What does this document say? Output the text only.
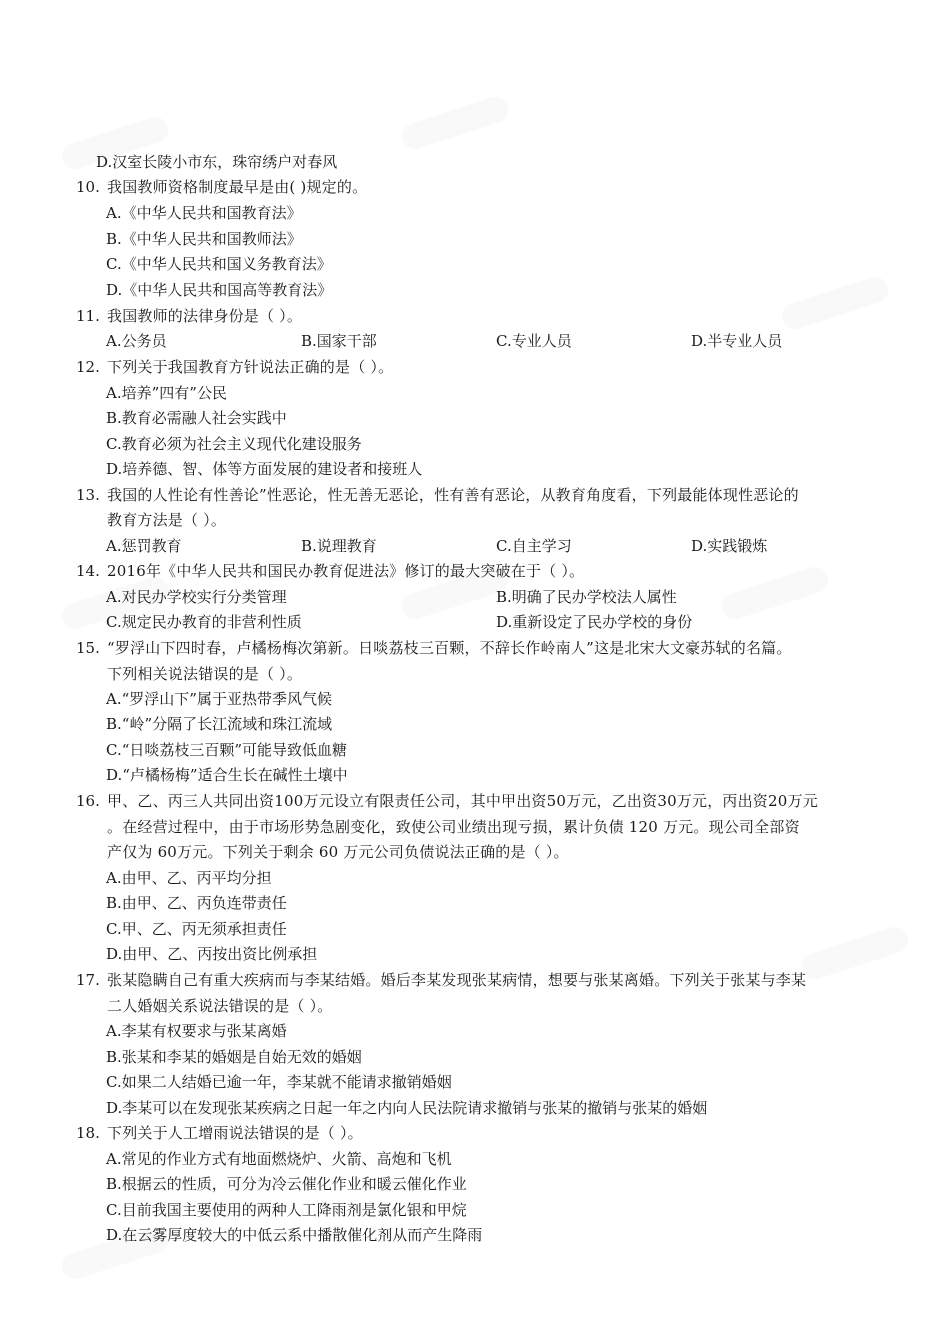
D.汉室长陵小市东，珠帘绣户对春风
10. 我国教师资格制度最早是由( )规定的。
A.《中华人民共和国教育法》
B.《中华人民共和国教师法》
C.《中华人民共和国义务教育法》
D.《中华人民共和国高等教育法》
11. 我国教师的法律身份是（ ）。
A.公务员	B.国家干部	C.专业人员	D.半专业人员
12. 下列关于我国教育方针说法正确的是（ ）。
A.培养”四有”公民
B.教育必需融人社会实践中
C.教育必须为社会主义现代化建设服务
D.培养德、智、体等方面发展的建设者和接班人
13. 我国的人性论有性善论”性恶论，性无善无恶论，性有善有恶论，从教育角度看，下列最能体现性恶论的
教育方法是（ ）。
A.惩罚教育	B.说理教育	C.自主学习	D.实践锻炼
14. 2016年《中华人民共和国民办教育促进法》修订的最大突破在于（ ）。
A.对民办学校实行分类管理	B.明确了民办学校法人属性
C.规定民办教育的非营利性质	D.重新设定了民办学校的身份
15. “罗浮山下四时春，卢橘杨梅次第新。日啖荔枝三百颗，不辞长作岭南人”这是北宋大文豪苏轼的名篇。
下列相关说法错误的是（ ）。
A.“罗浮山下”属于亚热带季风气候
B.“岭”分隔了长江流域和珠江流域
C.“日啖荔枝三百颗”可能导致低血糖
D.“卢橘杨梅”适合生长在碱性土壤中
16. 甲、乙、丙三人共同出资100万元设立有限责任公司，其中甲出资50万元，乙出资30万元，丙出资20万元
。在经营过程中，由于市场形势急剧变化，致使公司业绩出现亏损，累计负债 120 万元。现公司全部资
产仅为 60万元。下列关于剩余 60 万元公司负债说法正确的是（ ）。
A.由甲、乙、丙平均分担
B.由甲、乙、丙负连带责任
C.甲、乙、丙无须承担责任
D.由甲、乙、丙按出资比例承担
17. 张某隐瞒自己有重大疾病而与李某结婚。婚后李某发现张某病情，想要与张某离婚。下列关于张某与李某
二人婚姻关系说法错误的是（ ）。
A.李某有权要求与张某离婚
B.张某和李某的婚姻是自始无效的婚姻
C.如果二人结婚已逾一年，李某就不能请求撤销婚姻
D.李某可以在发现张某疾病之日起一年之内向人民法院请求撤销与张某的撤销与张某的婚姻
18. 下列关于人工增雨说法错误的是（ ）。
A.常见的作业方式有地面燃烧炉、火箭、高炮和飞机
B.根据云的性质，可分为冷云催化作业和暖云催化作业
C.目前我国主要使用的两种人工降雨剂是氯化银和甲烷
D.在云雾厚度较大的中低云系中播散催化剂从而产生降雨
